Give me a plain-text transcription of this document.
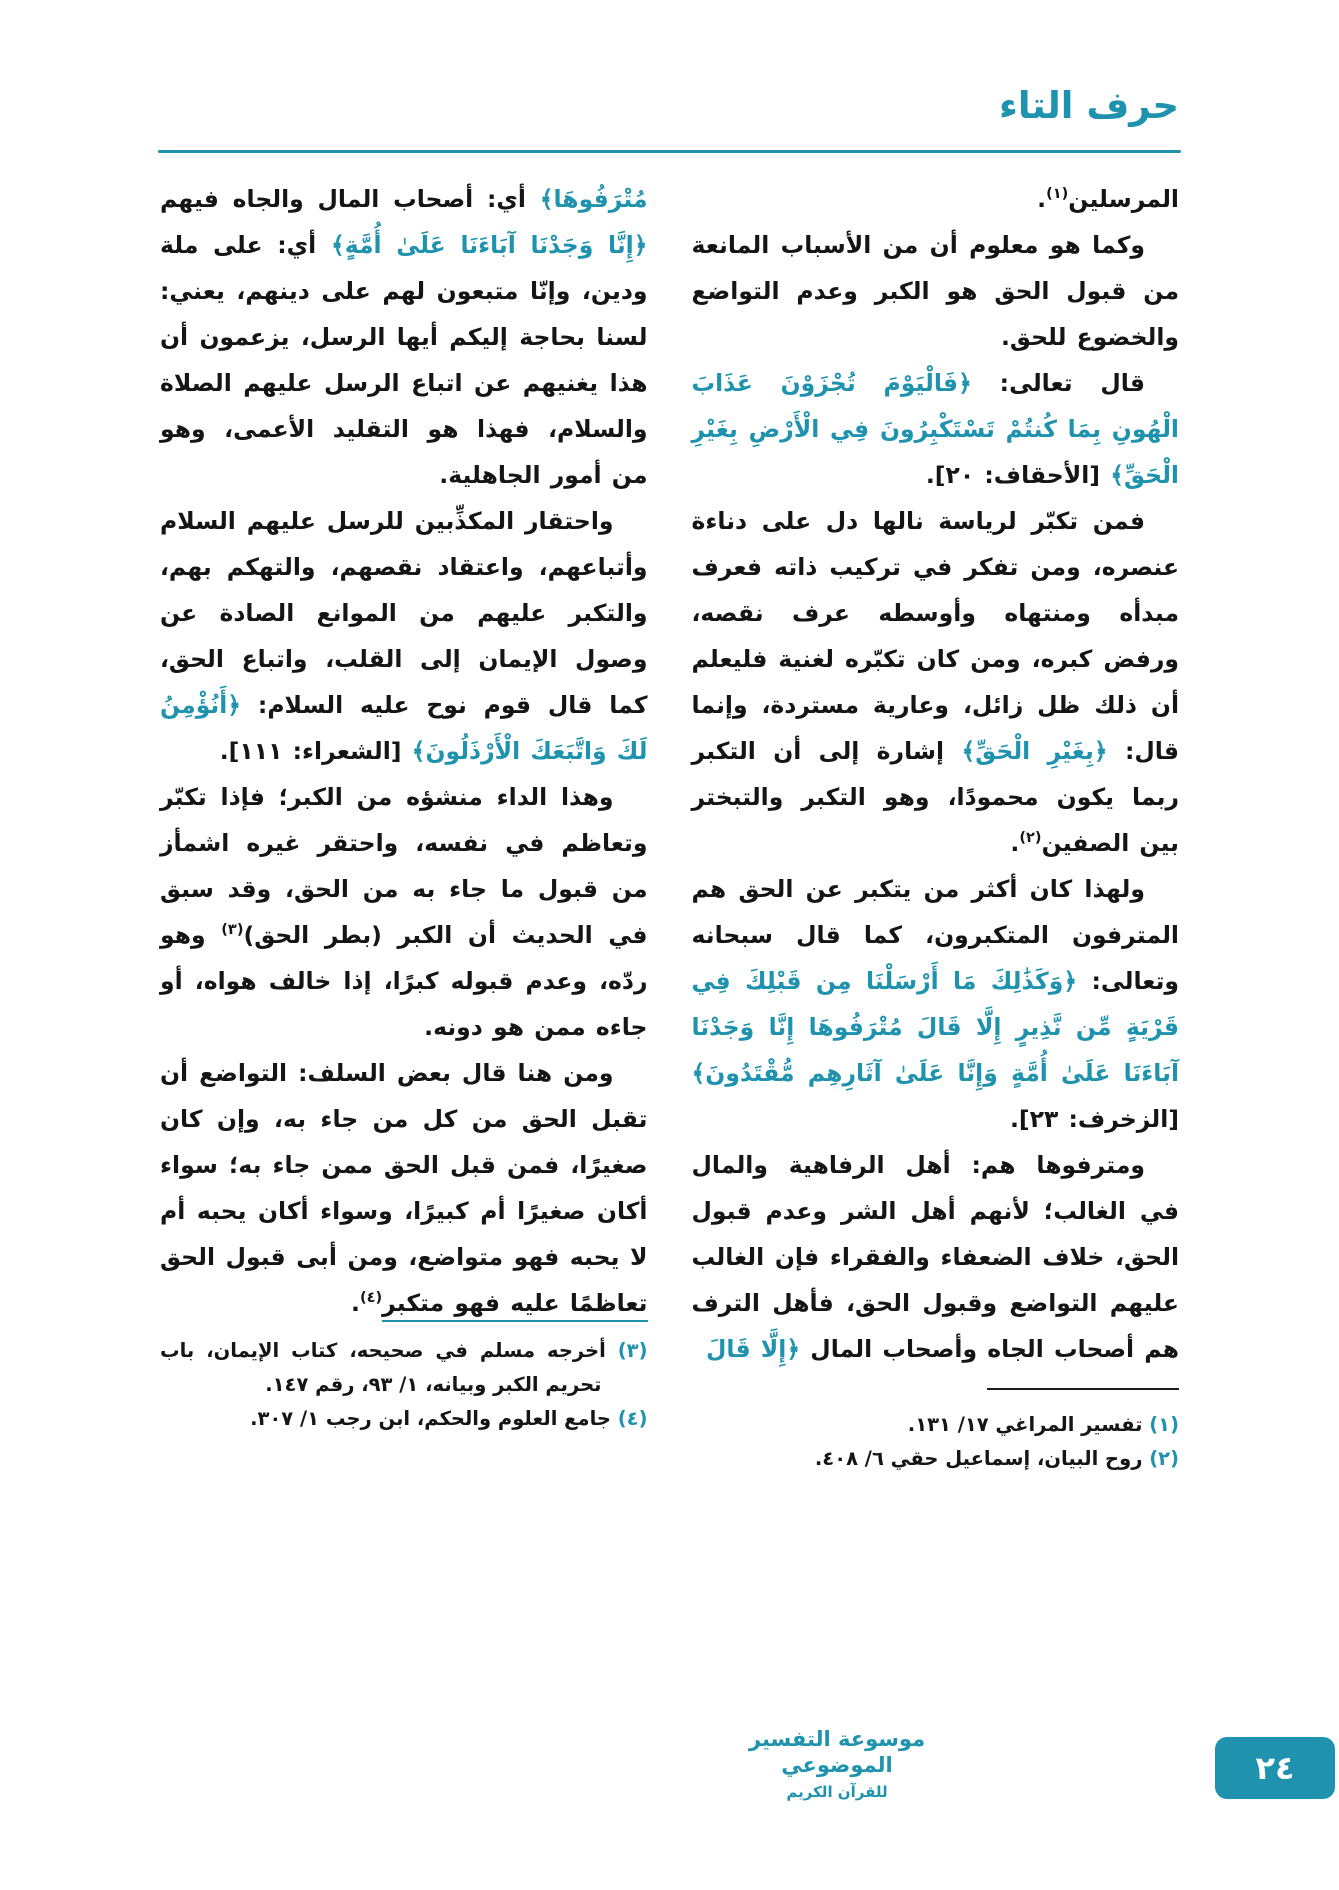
حرف التاء

المرسلين$^{(١)}$.

وكما هو معلوم أن من الأسباب المانعة من قبول الحق هو الكبر وعدم التواضع والخضوع للحق.

قال تعالى: ﴿فَالْيَوْمَ تُجْزَوْنَ عَذَابَ الْهُونِ بِمَا كُنتُمْ تَسْتَكْبِرُونَ فِي الْأَرْضِ بِغَيْرِ الْحَقِّ﴾ [الأحقاف: ٢٠].

فمن تكبّر لرياسة نالها دل على دناءة عنصره، ومن تفكر في تركيب ذاته فعرف مبدأه ومنتهاه وأوسطه عرف نقصه، ورفض كبره، ومن كان تكبّره لغنية فليعلم أن ذلك ظل زائل، وعارية مستردة، وإنما قال: ﴿بِغَيْرِ الْحَقِّ﴾ إشارة إلى أن التكبر ربما يكون محمودًا، وهو التكبر والتبختر بين الصفين$^{(٢)}$.

ولهذا كان أكثر من يتكبر عن الحق هم المترفون المتكبرون، كما قال سبحانه وتعالى: ﴿وَكَذَٰلِكَ مَا أَرْسَلْنَا مِن قَبْلِكَ فِي قَرْيَةٍ مِّن نَّذِيرٍ إِلَّا قَالَ مُتْرَفُوهَا إِنَّا وَجَدْنَا آبَاءَنَا عَلَىٰ أُمَّةٍ وَإِنَّا عَلَىٰ آثَارِهِم مُّقْتَدُونَ﴾ [الزخرف: ٢٣].

ومترفوها هم: أهل الرفاهية والمال في الغالب؛ لأنهم أهل الشر وعدم قبول الحق، خلاف الضعفاء والفقراء فإن الغالب عليهم التواضع وقبول الحق، فأهل الترف هم أصحاب الجاه وأصحاب المال ﴿إِلَّا قَالَ

(١) تفسير المراغي ١٧/ ١٣١.
(٢) روح البيان، إسماعيل حقي ٦/ ٤٠٨.

مُتْرَفُوهَا﴾ أي: أصحاب المال والجاه فيهم ﴿إِنَّا وَجَدْنَا آبَاءَنَا عَلَىٰ أُمَّةٍ﴾ أي: على ملة ودين، وإنّا متبعون لهم على دينهم، يعني: لسنا بحاجة إليكم أيها الرسل، يزعمون أن هذا يغنيهم عن اتباع الرسل عليهم الصلاة والسلام، فهذا هو التقليد الأعمى، وهو من أمور الجاهلية.

واحتقار المكذِّبين للرسل عليهم السلام وأتباعهم، واعتقاد نقصهم، والتهكم بهم، والتكبر عليهم من الموانع الصادة عن وصول الإيمان إلى القلب، واتباع الحق، كما قال قوم نوح عليه السلام: ﴿أَنُؤْمِنُ لَكَ وَاتَّبَعَكَ الْأَرْذَلُونَ﴾ [الشعراء: ١١١].

وهذا الداء منشؤه من الكبر؛ فإذا تكبّر وتعاظم في نفسه، واحتقر غيره اشمأز من قبول ما جاء به من الحق، وقد سبق في الحديث أن الكبر (بطر الحق)$^{(٣)}$ وهو ردّه، وعدم قبوله كبرًا، إذا خالف هواه، أو جاءه ممن هو دونه.

ومن هنا قال بعض السلف: التواضع أن تقبل الحق من كل من جاء به، وإن كان صغيرًا، فمن قبل الحق ممن جاء به؛ سواء أكان صغيرًا أم كبيرًا، وسواء أكان يحبه أم لا يحبه فهو متواضع، ومن أبى قبول الحق تعاظمًا عليه فهو متكبر$^{(٤)}$.

(٣) أخرجه مسلم في صحيحه، كتاب الإيمان، باب تحريم الكبر وبيانه، ١/ ٩٣، رقم ١٤٧.
(٤) جامع العلوم والحكم، ابن رجب ١/ ٣٠٧.
موسوعة التفسير الموضوعي
للقرآن الكريم
٢٤
